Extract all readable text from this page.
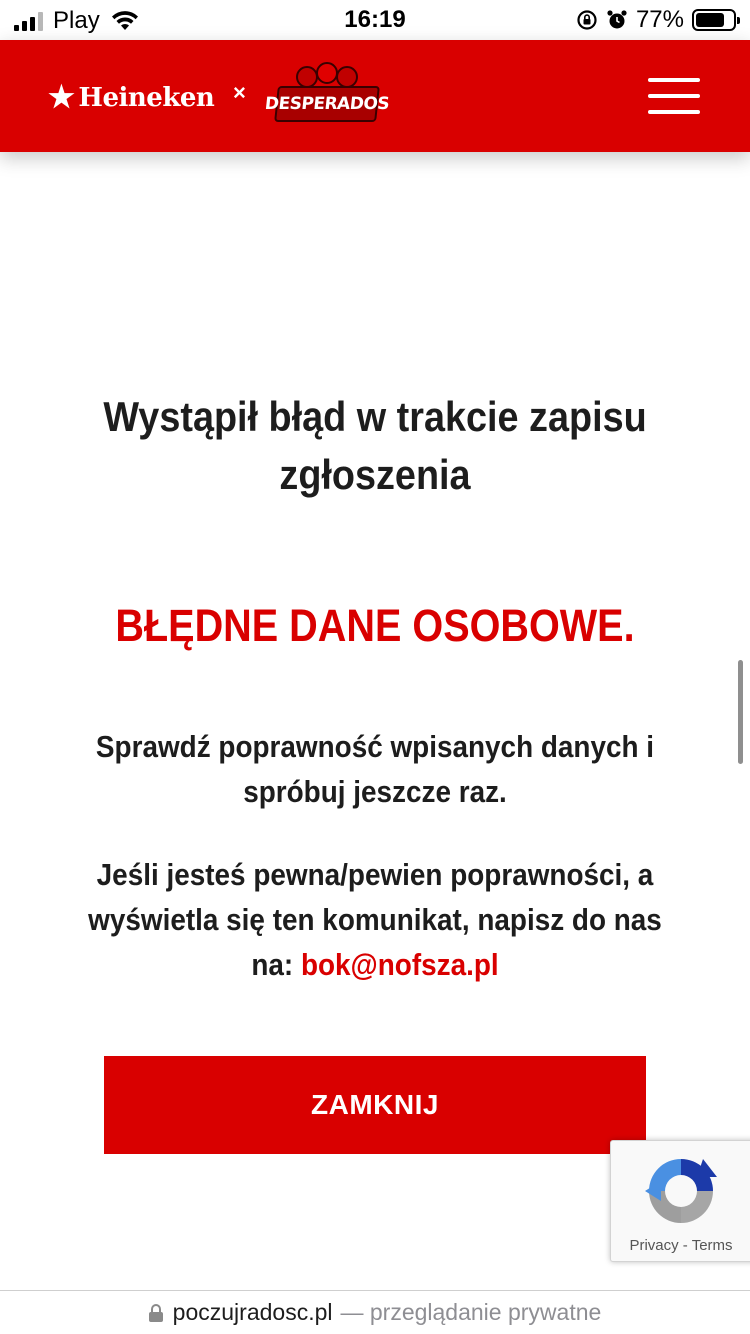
Play	16:19	77%
★ Heineken × DESPERADOS
Wystąpił błąd w trakcie zapisu zgłoszenia
BŁĘDNE DANE OSOBOWE.
Sprawdź poprawność wpisanych danych i spróbuj jeszcze raz.
Jeśli jesteś pewna/pewien poprawności, a wyświetla się ten komunikat, napisz do nas na: bok@nofsza.pl
ZAMKNIJ
Privacy - Terms
poczujradosc.pl — przeglądanie prywatne
